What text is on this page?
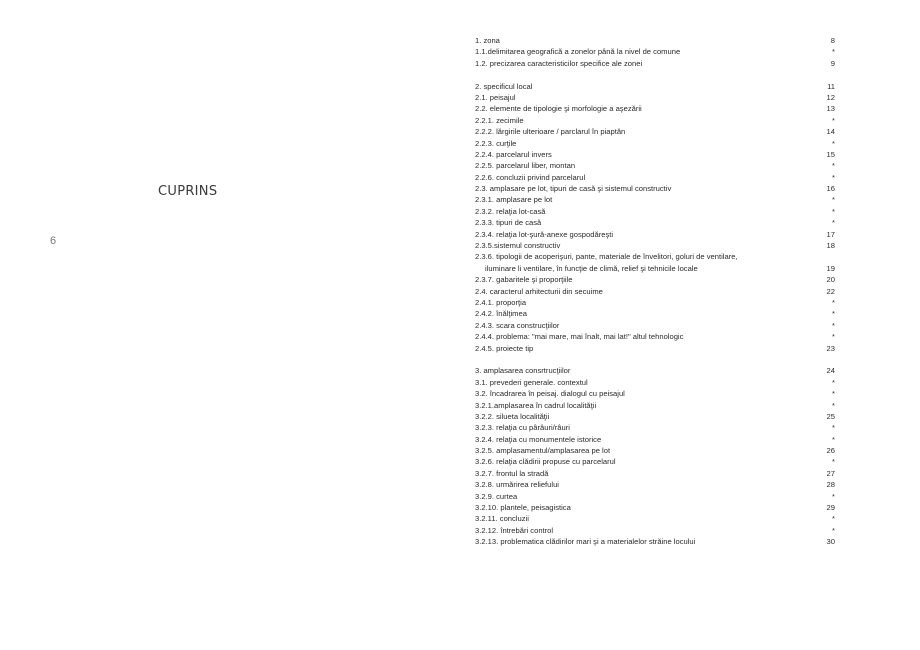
CUPRINS
6
1. zona	8
1.1.delimitarea geografică a zonelor până la nivel de comune	*
1.2. precizarea caracteristicilor specifice ale zonei	9
2. specificul local	11
2.1. peisajul	12
2.2. elemente de tipologie şi morfologie a aşezării	13
2.2.1. zecimile	*
2.2.2. lărgirile ulterioare / parclarul în piaptăn	14
2.2.3. curţile	*
2.2.4. parcelarul invers	15
2.2.5. parcelarul liber, montan	*
2.2.6. concluzii privind parcelarul	*
2.3. amplasare pe lot, tipuri de casă şi sistemul constructiv	16
2.3.1. amplasare pe lot	*
2.3.2. relaţia lot-casă	*
2.3.3. tipuri de casă	*
2.3.4. relaţia lot-şură-anexe gospodăreşti	17
2.3.5.sistemul constructiv	18
2.3.6. tipologii de acoperişuri, pante, materiale de învelitori, goluri de ventilare,
iluminare li ventilare, în funcţie de climă, relief şi tehnicile locale	19
2.3.7. gabaritele şi proporţiile	20
2.4. caracterul arhitecturii din secuime	22
2.4.1. proporţia	*
2.4.2. înălţimea	*
2.4.3. scara construcţiilor	*
2.4.4. problema: "mai mare, mai înalt, mai lat!" altul tehnologic	*
2.4.5. proiecte tip	23
3. amplasarea consrtrucţiilor	24
3.1. prevederi generale. contextul	*
3.2. încadrarea în peisaj. dialogul cu peisajul	*
3.2.1.amplasarea în cadrul localităţii	*
3.2.2. silueta localităţii	25
3.2.3. relaţia cu pârâuri/râuri	*
3.2.4. relaţia cu monumentele istorice	*
3.2.5. amplasamentul/amplasarea pe lot	26
3.2.6. relaţia clădirii propuse cu parcelarul	*
3.2.7. frontul la stradă	27
3.2.8. urmărirea reliefului	28
3.2.9. curtea	*
3.2.10. plantele, peisagistica	29
3.2.11. concluzii	*
3.2.12. întrebări control	*
3.2.13. problematica clădirilor mari şi a materialelor străine locului	30
